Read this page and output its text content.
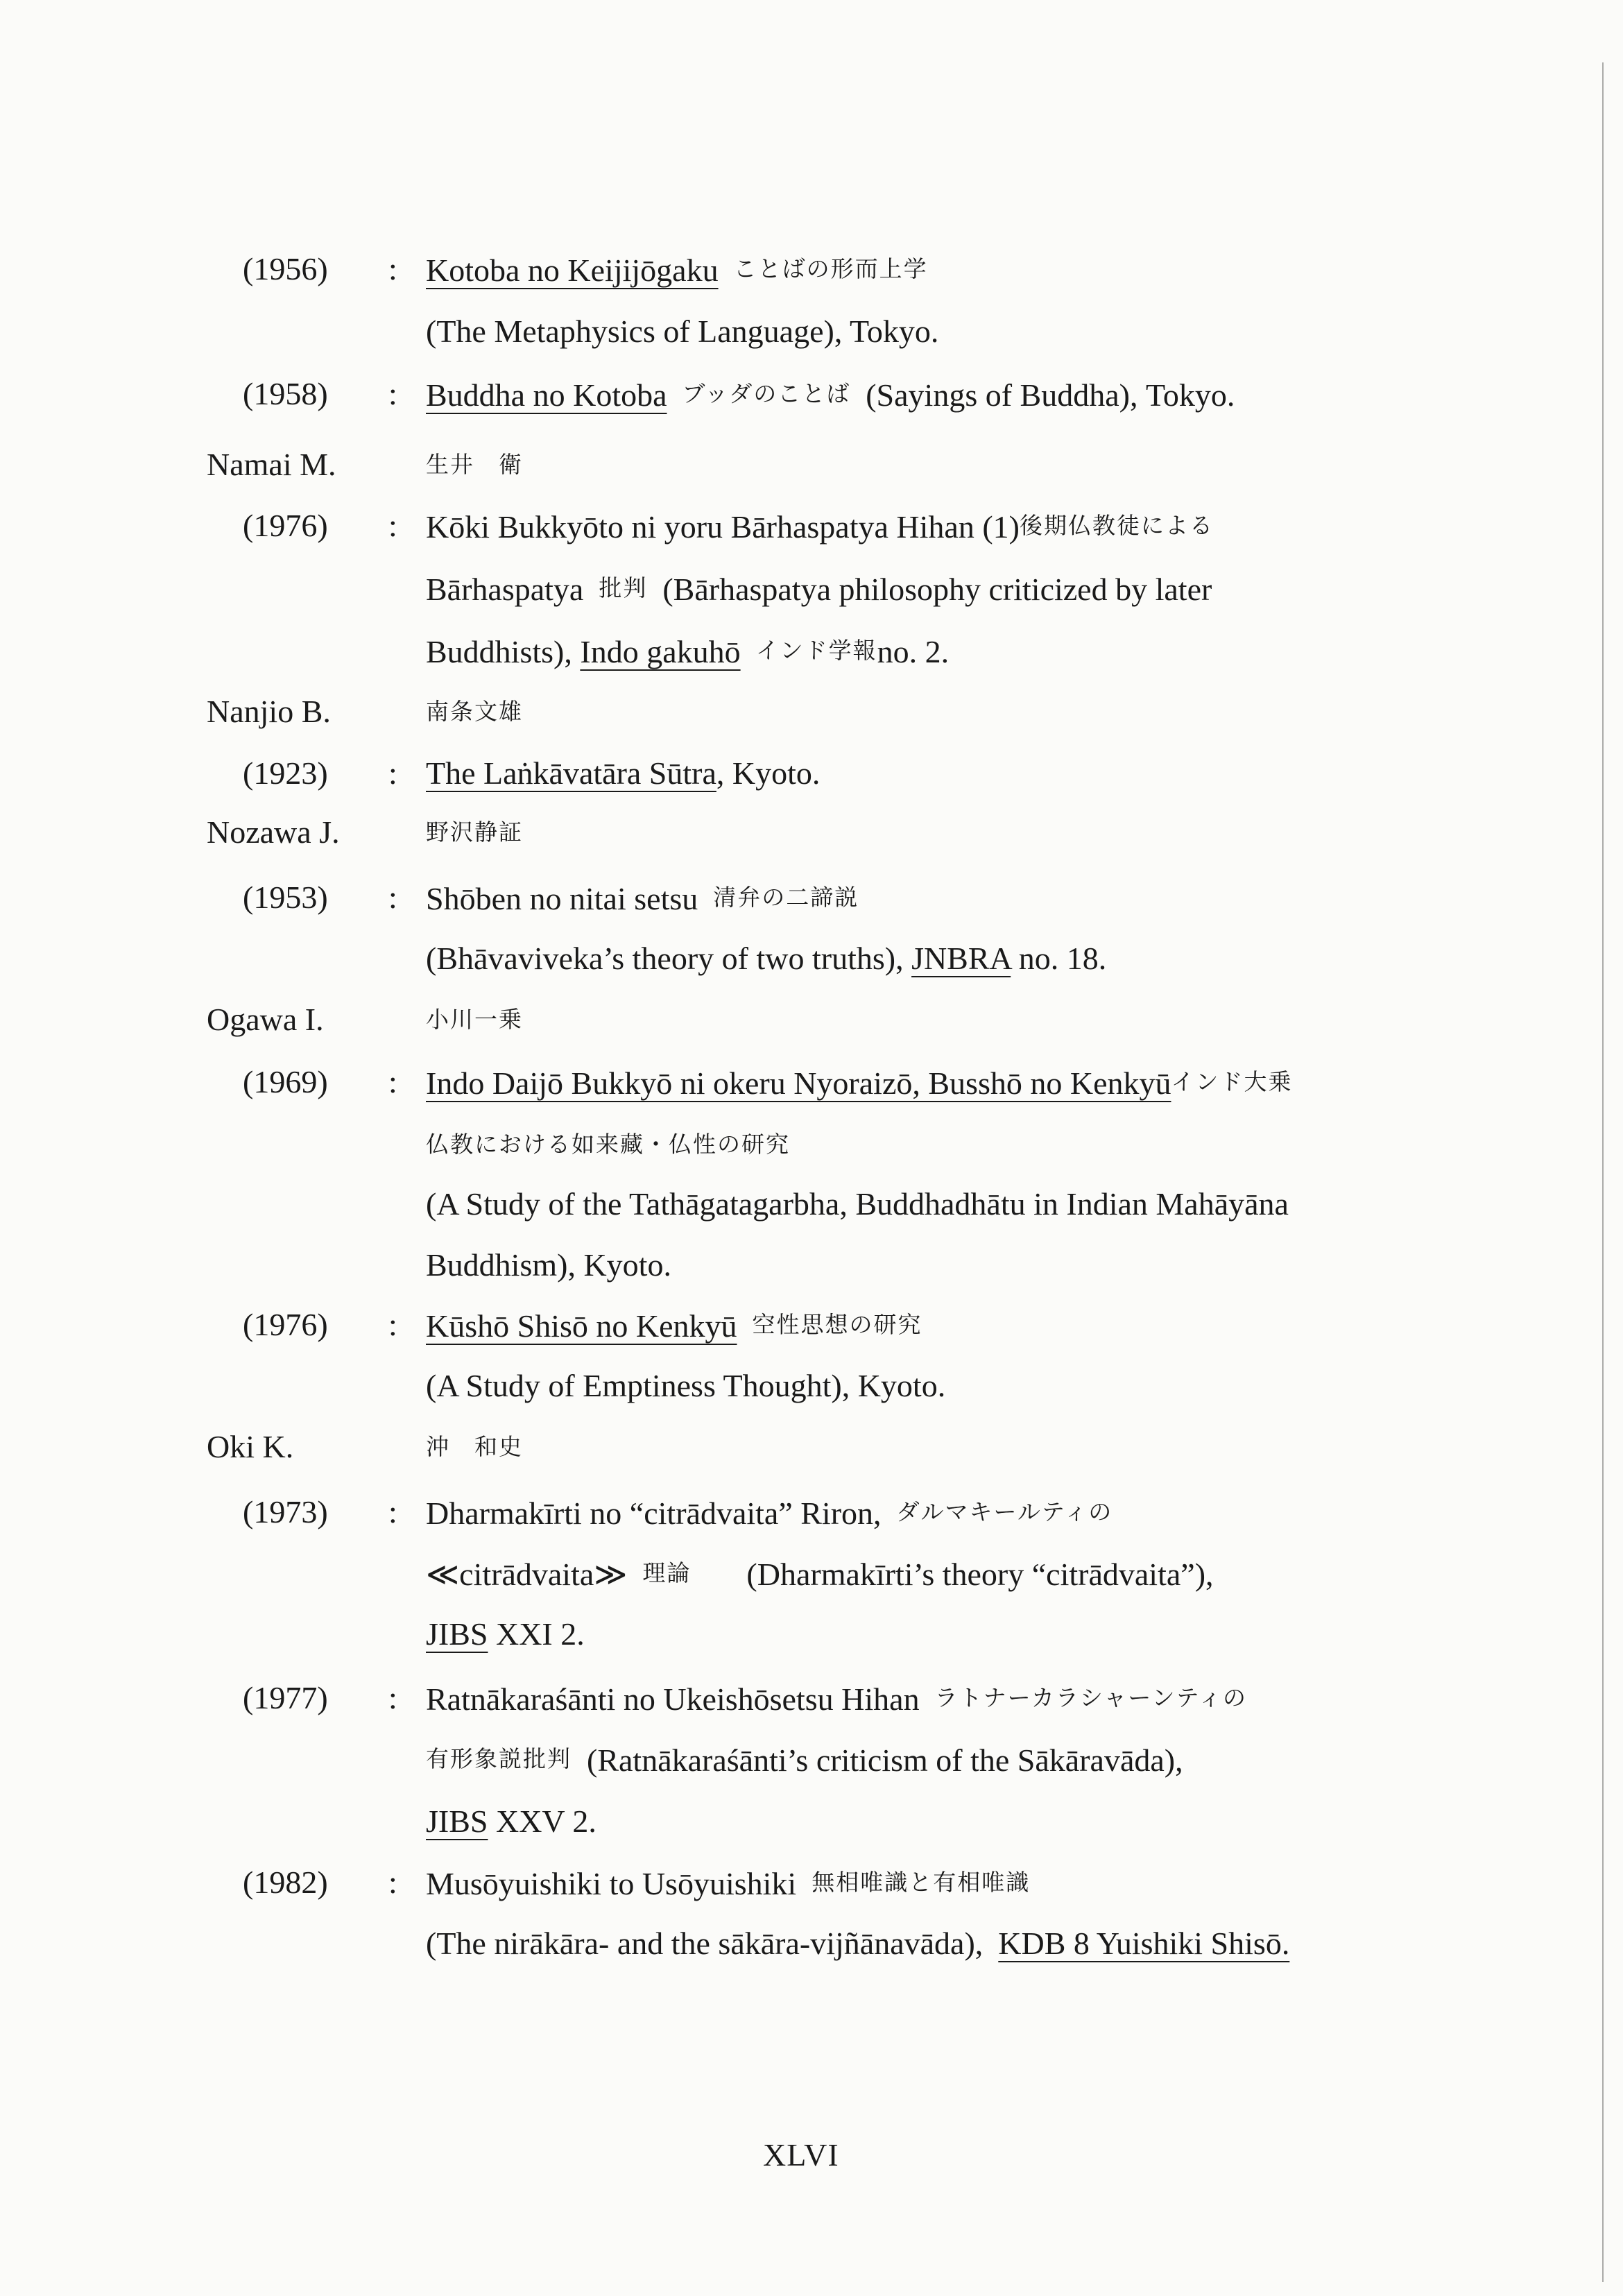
(1956) : Kotoba no Keijijōgaku ことばの形而上学
(The Metaphysics of Language), Tokyo.
(1958) : Buddha no Kotoba ブッダのことば (Sayings of Buddha), Tokyo.
Namai M.	生井　衛
(1976) : Kōki Bukkyōto ni yoru Bārhaspatya Hihan (1)後期仏教徒による
Bārhaspatya 批判 (Bārhaspatya philosophy criticized by later
Buddhists), Indo gakuhō インド学報no. 2.
Nanjio B.	南条文雄
(1923) : The Laṅkāvatāra Sūtra, Kyoto.
Nozawa J.	野沢静証
(1953) : Shōben no nitai setsu 清弁の二諦説
(Bhāvaviveka’s theory of two truths), JNBRA no. 18.
Ogawa I.	小川一乗
(1969) : Indo Daijō Bukkyō ni okeru Nyoraizō, Busshō no Kenkyūインド大乗
仏教における如来藏・仏性の研究
(A Study of the Tathāgatagarbha, Buddhadhātu in Indian Mahāyāna
Buddhism), Kyoto.
(1976) : Kūshō Shisō no Kenkyū 空性思想の研究
(A Study of Emptiness Thought), Kyoto.
Oki K.	沖　和史
(1973) : Dharmakīrti no “citrādvaita” Riron, ダルマキールティの
≪citrādvaita≫ 理論 (Dharmakīrti’s theory “citrādvaita”),
JIBS XXI 2.
(1977) : Ratnākaraśānti no Ukeishōsetsu Hihan ラトナーカラシャーンティの
有形象説批判 (Ratnākaraśānti’s criticism of the Sākāravāda),
JIBS XXV 2.
(1982) : Musōyuishiki to Usōyuishiki 無相唯識と有相唯識
(The nirākāra- and the sākāra-vijñānavāda), KDB 8 Yuishiki Shisō.
XLVI
